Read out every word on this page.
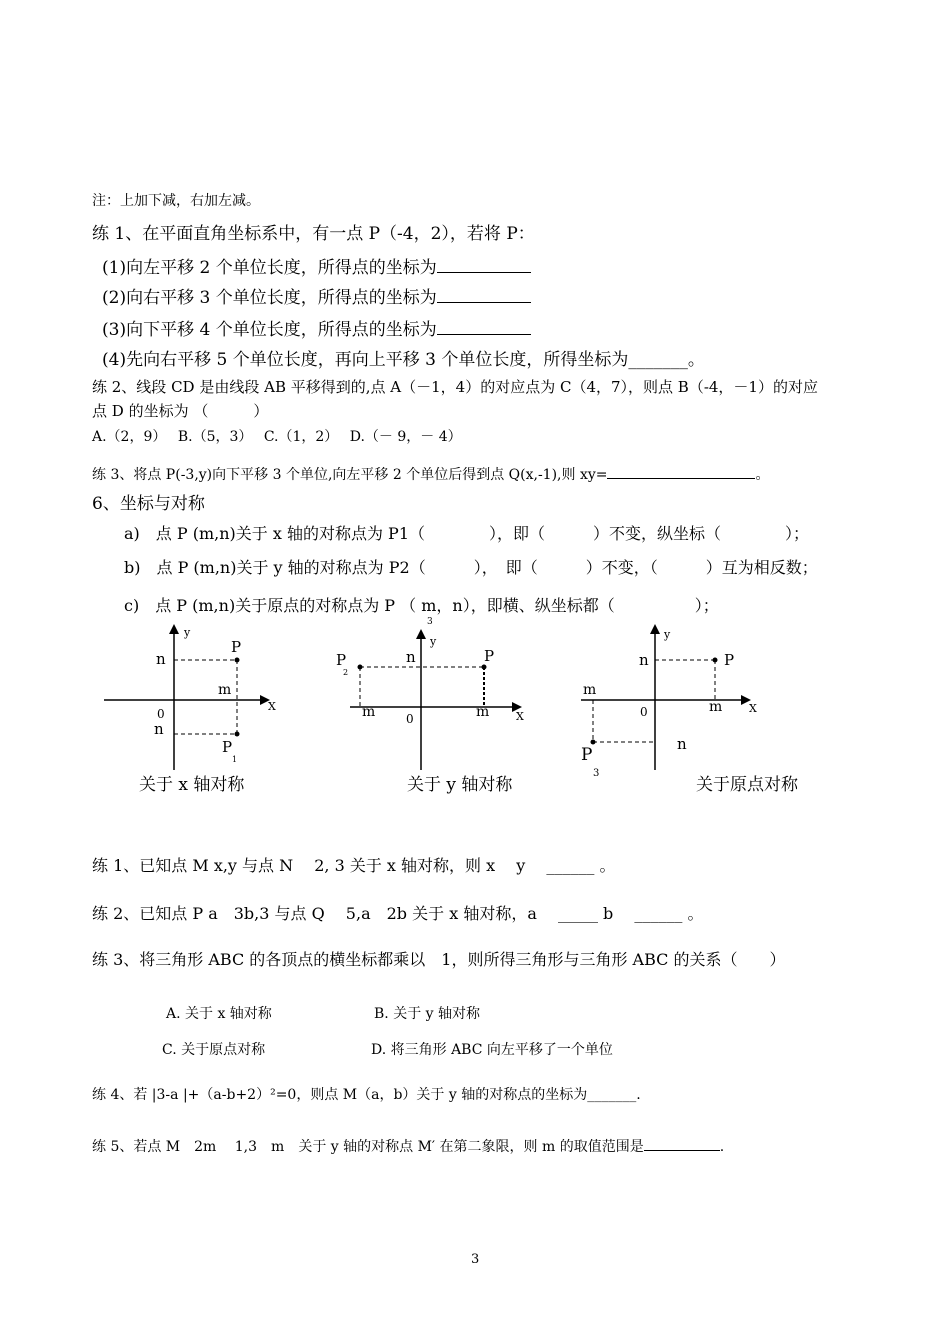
注：上加下减，右加左减。
练 1、在平面直角坐标系中，有一点 P（-4，2），若将 P：
(1)向左平移 2 个单位长度，所得点的坐标为
(2)向右平移 3 个单位长度，所得点的坐标为
(3)向下平移 4 个单位长度，所得点的坐标为
(4)先向右平移 5 个单位长度，再向上平移 3 个单位长度，所得坐标为_______。
练 2、线段 CD 是由线段 AB 平移得到的,点 A（－1，4）的对应点为 C（4，7），则点 B（-4，－1）的对应
点 D 的坐标为 （　　　）
A.（2，9）　 B.（5，3）　 C.（1，2）　 D.（－ 9，－ 4）
练 3、将点 P(-3,y)向下平移 3 个单位,向左平移 2 个单位后得到点 Q(x,-1),则 xy=	。
6、坐标与对称
a)　点 P (m,n)关于 x 轴的对称点为 P1（　　　　），即（　　　）不变，纵坐标（　　　　）；
b)　点 P (m,n)关于 y 轴的对称点为 P2（　　　），　即（　　　）不变，（　　　）互为相反数；
c)　点 P (m,n)关于原点的对称点为 P （ m，n），即横、纵坐标都（　　　　　）；
3
y
X
0
n
n
m
P
P
1
关于 x 轴对称
y
X
0
n
m	m
P
P
2
关于 y 轴对称
y
X
0
n
n
m
m
P
P
3
关于原点对称
练 1、已知点 M x,y 与点 N　 2, 3 关于 x 轴对称，则 x　 y　 ______ 。
练 2、已知点 P a　3b,3 与点 Q　 5,a　2b 关于 x 轴对称，a　 _____ b　 ______ 。
练 3、将三角形 ABC 的各顶点的横坐标都乘以　1，则所得三角形与三角形 ABC 的关系（　　）
A. 关于 x 轴对称	B. 关于 y 轴对称
C. 关于原点对称	D. 将三角形 ABC 向左平移了一个单位
练 4、若 |3-a |+（a-b+2）²=0，则点 M（a，b）关于 y 轴的对称点的坐标为_______.
练 5、若点 M　2m　 1,3　m　关于 y 轴的对称点 M′ 在第二象限，则 m 的取值范围是	.
3
